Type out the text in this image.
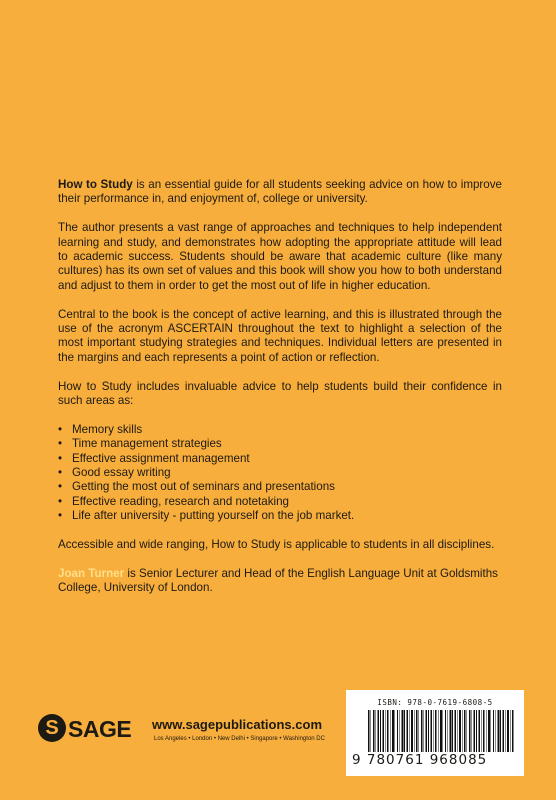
How to Study is an essential guide for all students seeking advice on how to improve their performance in, and enjoyment of, college or university.

The author presents a vast range of approaches and techniques to help independent learning and study, and demonstrates how adopting the appropriate attitude will lead to academic success. Students should be aware that academic culture (like many cultures) has its own set of values and this book will show you how to both understand and adjust to them in order to get the most out of life in higher education.

Central to the book is the concept of active learning, and this is illustrated through the use of the acronym ASCERTAIN throughout the text to highlight a selection of the most important studying strategies and techniques. Individual letters are presented in the margins and each represents a point of action or reflection.

How to Study includes invaluable advice to help students build their confidence in such areas as:

• Memory skills
• Time management strategies
• Effective assignment management
• Good essay writing
• Getting the most out of seminars and presentations
• Effective reading, research and notetaking
• Life after university - putting yourself on the job market.

Accessible and wide ranging, How to Study is applicable to students in all disciplines.

Joan Turner is Senior Lecturer and Head of the English Language Unit at Goldsmiths College, University of London.

S SAGE www.sagepublications.com
Los Angeles • London • New Delhi • Singapore • Washington DC
ISBN: 978-0-7619-6808-5
9 780761 968085
